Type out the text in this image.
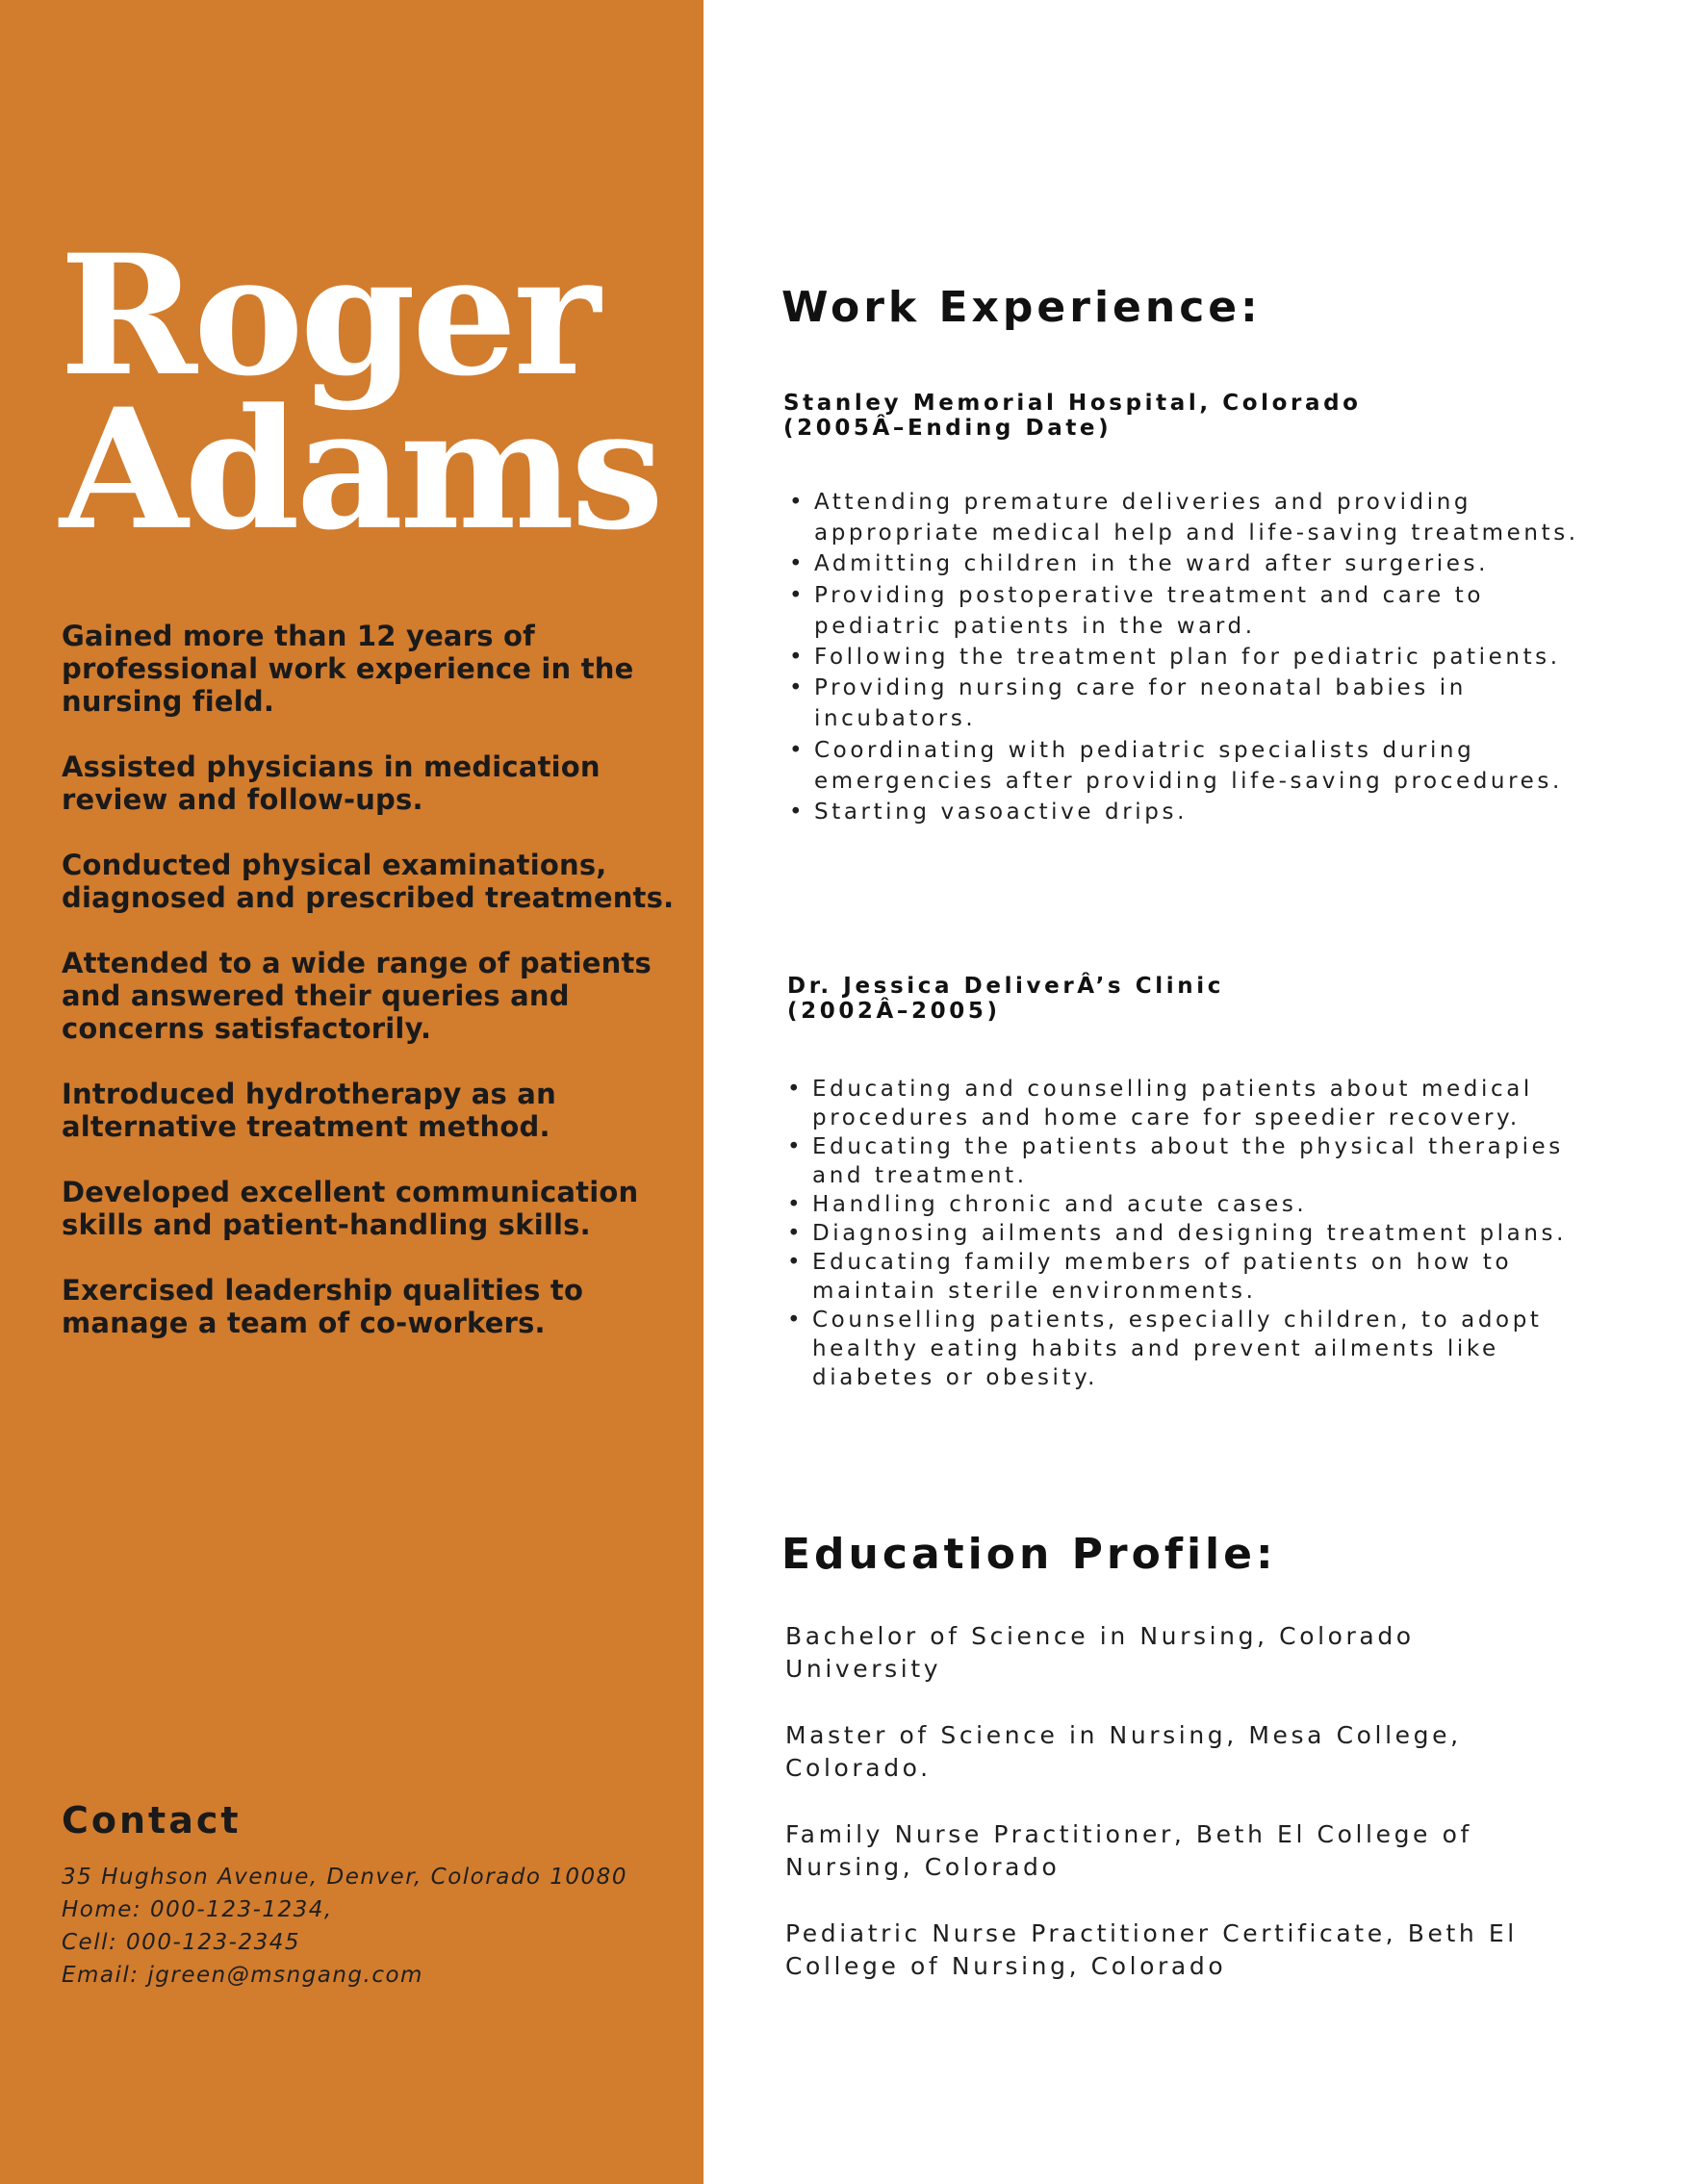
Roger
Adams
Gained more than 12 years of professional work experience in the nursing field.
Assisted physicians in medication review and follow-ups.
Conducted physical examinations, diagnosed and prescribed treatments.
Attended to a wide range of patients and answered their queries and concerns satisfactorily.
Introduced hydrotherapy as an alternative treatment method.
Developed excellent communication skills and patient-handling skills.
Exercised leadership qualities to manage a team of co-workers.
Contact
35 Hughson Avenue, Denver, Colorado 10080
Home: 000-123-1234,
Cell: 000-123-2345
Email: jgreen@msngang.com
Work Experience:
Stanley Memorial Hospital, Colorado
(2005Â–Ending Date)
• Attending premature deliveries and providing appropriate medical help and life-saving treatments.
• Admitting children in the ward after surgeries.
• Providing postoperative treatment and care to pediatric patients in the ward.
• Following the treatment plan for pediatric patients.
• Providing nursing care for neonatal babies in incubators.
• Coordinating with pediatric specialists during emergencies after providing life-saving procedures.
• Starting vasoactive drips.
Dr. Jessica DeliverÂ’s Clinic
(2002Â–2005)
• Educating and counselling patients about medical procedures and home care for speedier recovery.
• Educating the patients about the physical therapies and treatment.
• Handling chronic and acute cases.
• Diagnosing ailments and designing treatment plans.
• Educating family members of patients on how to maintain sterile environments.
• Counselling patients, especially children, to adopt healthy eating habits and prevent ailments like diabetes or obesity.
Education Profile:
Bachelor of Science in Nursing, Colorado University
Master of Science in Nursing, Mesa College, Colorado.
Family Nurse Practitioner, Beth El College of Nursing, Colorado
Pediatric Nurse Practitioner Certificate, Beth El College of Nursing, Colorado
